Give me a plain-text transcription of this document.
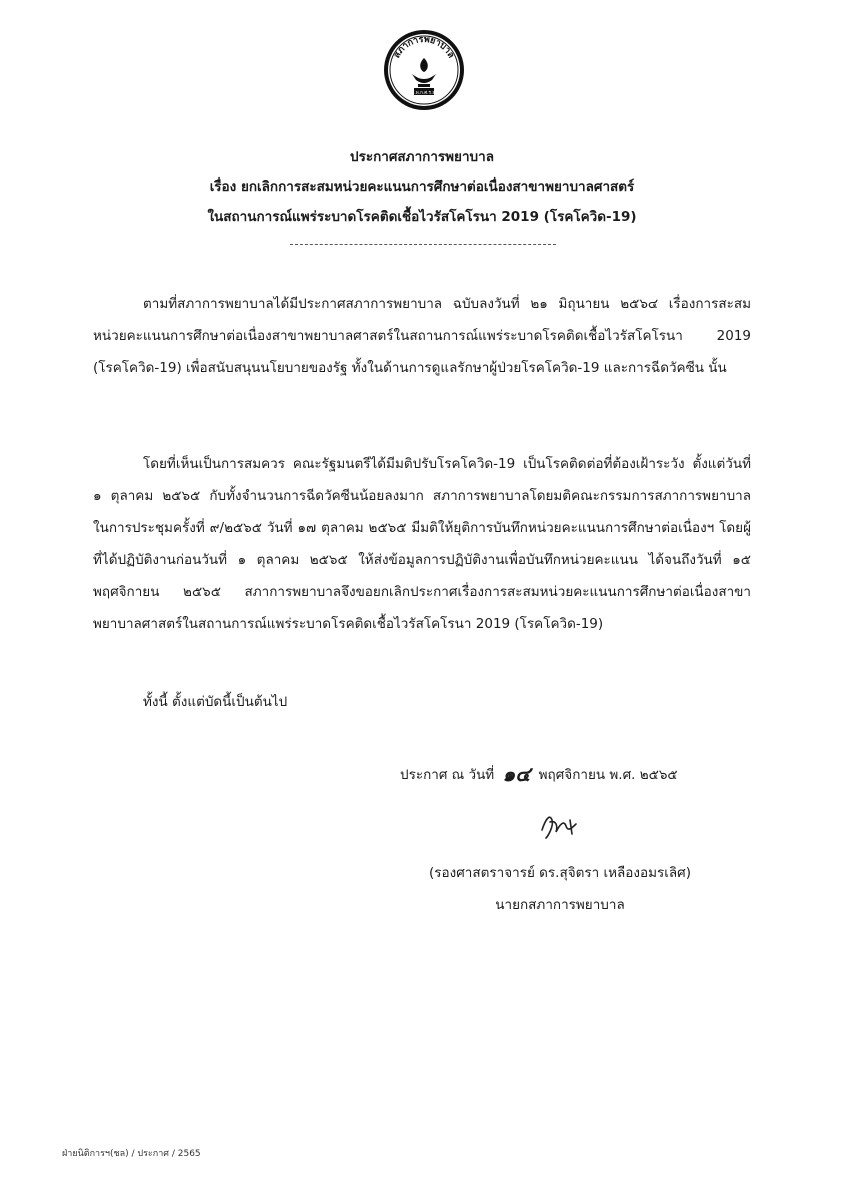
สภาการพยาบาล
ส.พ.ก.ศ.ร.ย.
ประกาศสภาการพยาบาล
เรื่อง ยกเลิกการสะสมหน่วยคะแนนการศึกษาต่อเนื่องสาขาพยาบาลศาสตร์
ในสถานการณ์แพร่ระบาดโรคติดเชื้อไวรัสโคโรนา 2019 (โรคโควิด-19)

ตามที่สภาการพยาบาลได้มีประกาศสภาการพยาบาล ฉบับลงวันที่ ๒๑ มิถุนายน ๒๕๖๔ เรื่องการสะสมหน่วยคะแนนการศึกษาต่อเนื่องสาขาพยาบาลศาสตร์ในสถานการณ์แพร่ระบาดโรคติดเชื้อไวรัสโคโรนา 2019 (โรคโควิด-19) เพื่อสนับสนุนนโยบายของรัฐ ทั้งในด้านการดูแลรักษาผู้ป่วยโรคโควิด-19 และการฉีดวัคซีน นั้น

โดยที่เห็นเป็นการสมควร คณะรัฐมนตรีได้มีมติปรับโรคโควิด-19 เป็นโรคติดต่อที่ต้องเฝ้าระวัง ตั้งแต่วันที่ ๑ ตุลาคม ๒๕๖๕ กับทั้งจำนวนการฉีดวัคซีนน้อยลงมาก สภาการพยาบาลโดยมติคณะกรรมการสภาการพยาบาล ในการประชุมครั้งที่ ๙/๒๕๖๕ วันที่ ๑๗ ตุลาคม ๒๕๖๕ มีมติให้ยุติการบันทึกหน่วยคะแนนการศึกษาต่อเนื่องฯ โดยผู้ที่ได้ปฏิบัติงานก่อนวันที่ ๑ ตุลาคม ๒๕๖๕ ให้ส่งข้อมูลการปฏิบัติงานเพื่อบันทึกหน่วยคะแนน ได้จนถึงวันที่ ๑๕ พฤศจิกายน ๒๕๖๕ สภาการพยาบาลจึงขอยกเลิกประกาศเรื่องการสะสมหน่วยคะแนนการศึกษาต่อเนื่องสาขาพยาบาลศาสตร์ในสถานการณ์แพร่ระบาดโรคติดเชื้อไวรัสโคโรนา 2019 (โรคโควิด-19)

ทั้งนี้ ตั้งแต่บัดนี้เป็นต้นไป

ประกาศ ณ วันที่ ๑๔ พฤศจิกายน พ.ศ. ๒๕๖๕
(รองศาสตราจารย์ ดร.สุจิตรา เหลืองอมรเลิศ)
นายกสภาการพยาบาล
ฝ่ายนิติการฯ(ชล) / ประกาศ / 2565
